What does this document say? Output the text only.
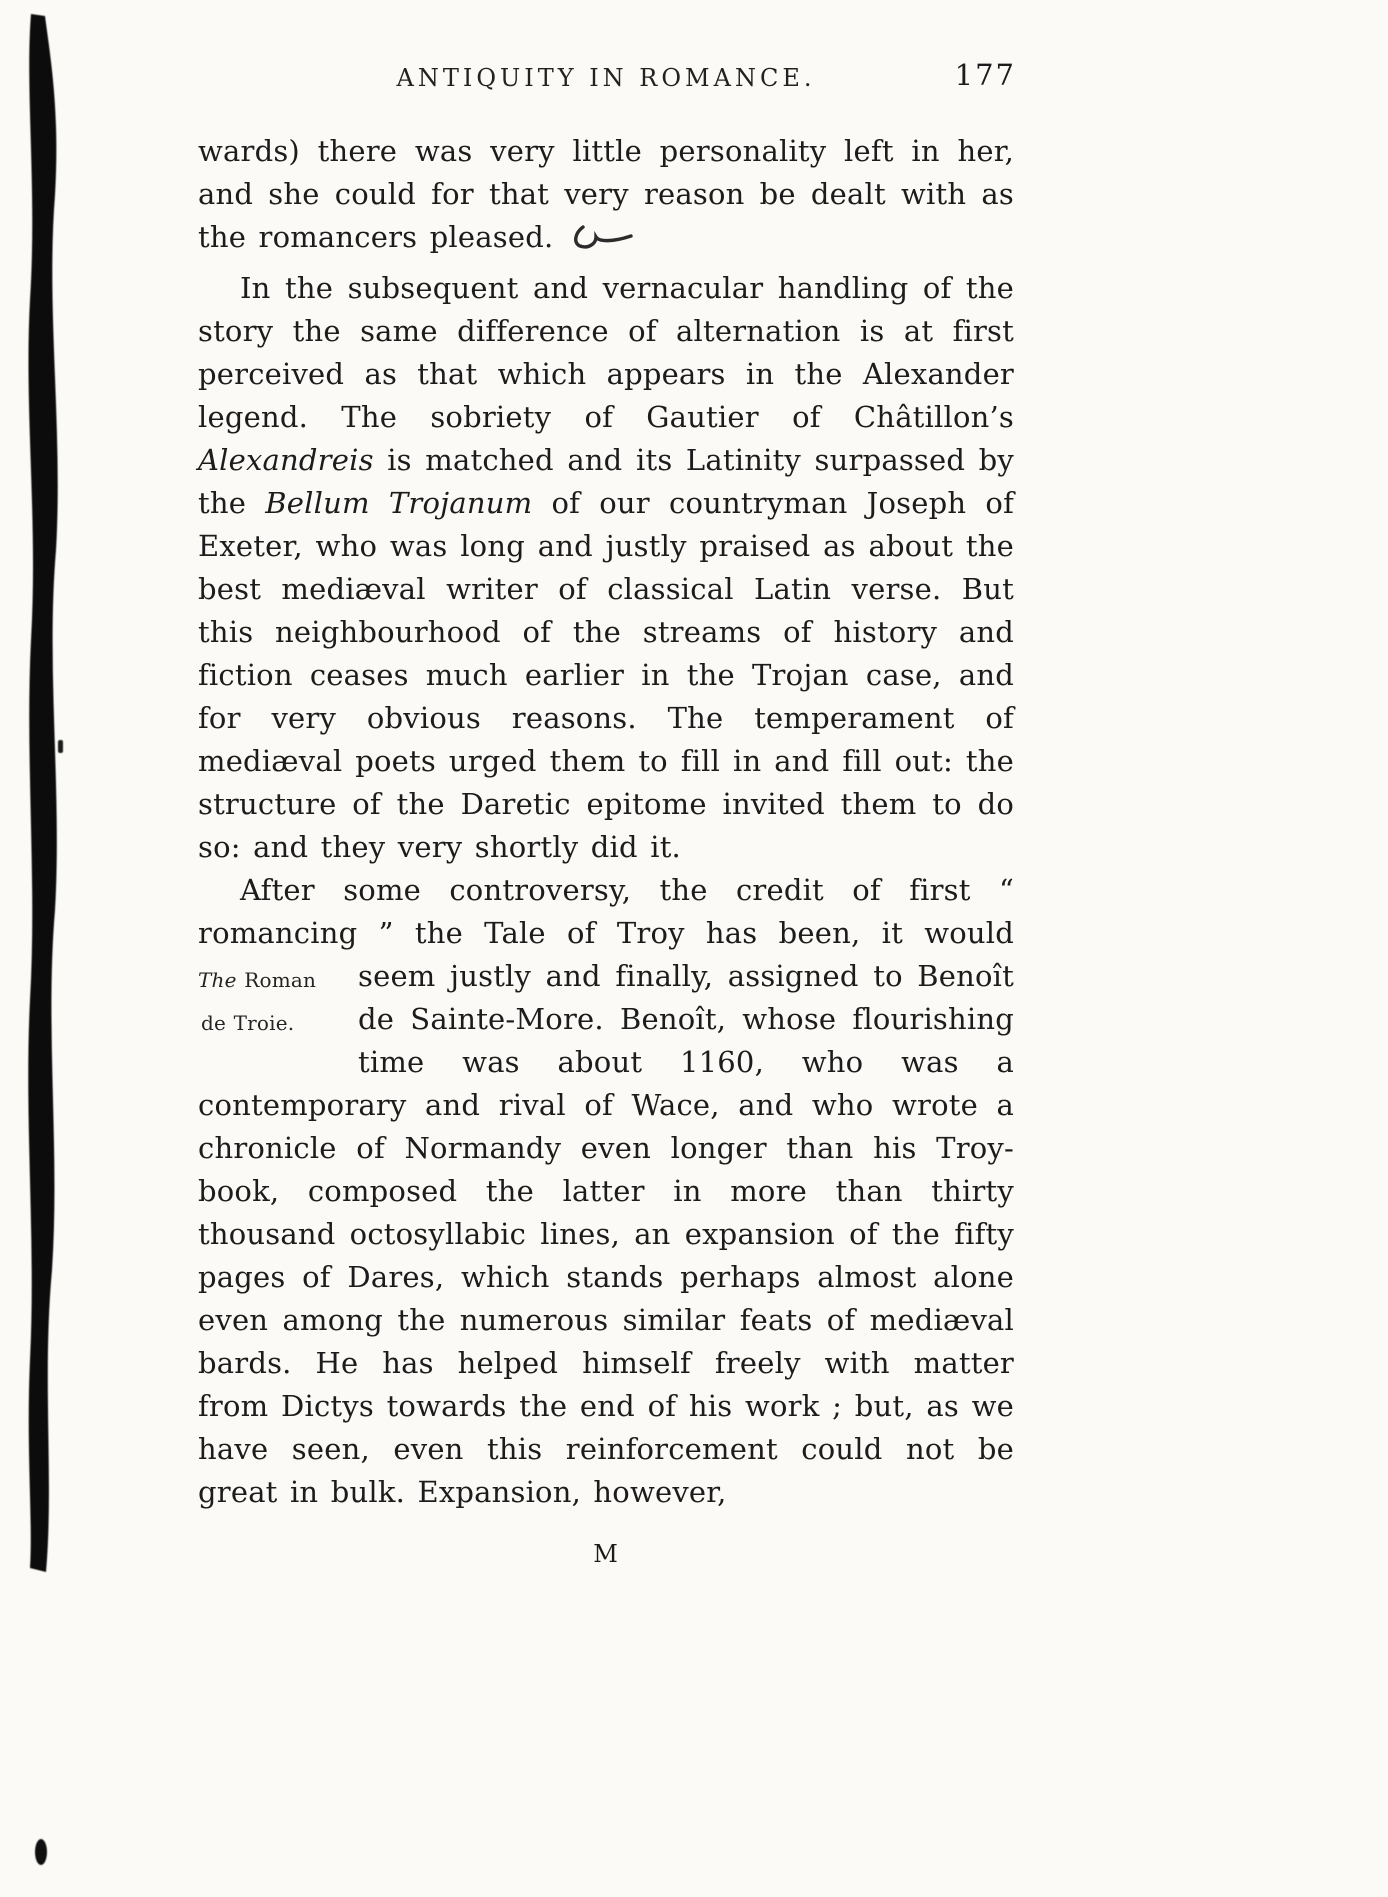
ANTIQUITY IN ROMANCE.	177

wards) there was very little personality left in her, and she could for that very reason be dealt with as the romancers pleased.

In the subsequent and vernacular handling of the story the same difference of alternation is at first perceived as that which appears in the Alexander legend. The sobriety of Gautier of Châtillon’s Alexandreis is matched and its Latinity surpassed by the Bellum Trojanum of our countryman Joseph of Exeter, who was long and justly praised as about the best mediæval writer of classical Latin verse. But this neighbourhood of the streams of history and fiction ceases much earlier in the Trojan case, and for very obvious reasons. The temperament of mediæval poets urged them to fill in and fill out: the structure of the Daretic epitome invited them to do so: and they very shortly did it.

After some controversy, the credit of first “ romancing ” the Tale of Troy has been, it would seem justly
The Roman
de Troie.
and finally, assigned to Benoît de Sainte-More. Benoît, whose flourishing time was about 1160, who was a contemporary and rival of Wace, and who wrote a chronicle of Normandy even longer than his Troy-book, composed the latter in more than thirty thousand octosyllabic lines, an expansion of the fifty pages of Dares, which stands perhaps almost alone even among the numerous similar feats of mediæval bards. He has helped himself freely with matter from Dictys towards the end of his work ; but, as we have seen, even this reinforcement could not be great in bulk. Expansion, however,

M
